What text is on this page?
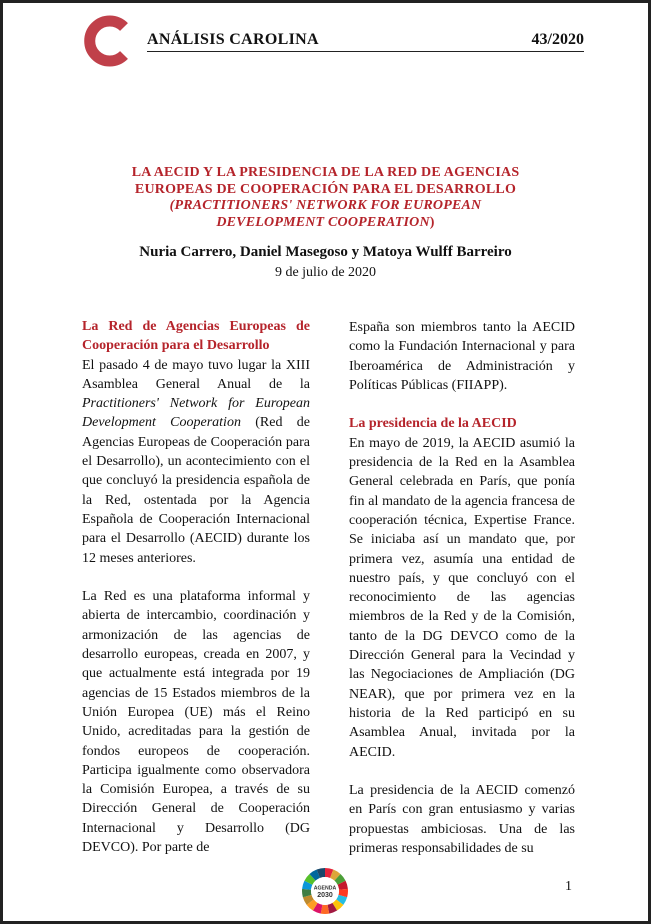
ANÁLISIS CAROLINA	43/2020
LA AECID Y LA PRESIDENCIA DE LA RED DE AGENCIAS
EUROPEAS DE COOPERACIÓN PARA EL DESARROLLO
(PRACTITIONERS' NETWORK FOR EUROPEAN
DEVELOPMENT COOPERATION)
Nuria Carrero, Daniel Masegoso y Matoya Wulff Barreiro
9 de julio de 2020
La Red de Agencias Europeas de Cooperación para el Desarrollo

El pasado 4 de mayo tuvo lugar la XIII Asamblea General Anual de la Practitioners' Network for European Development Cooperation (Red de Agencias Europeas de Cooperación para el Desarrollo), un acontecimiento con el que concluyó la presidencia española de la Red, ostentada por la Agencia Española de Cooperación Internacional para el Desarrollo (AECID) durante los 12 meses anteriores.

La Red es una plataforma informal y abierta de intercambio, coordinación y armonización de las agencias de desarrollo europeas, creada en 2007, y que actualmente está integrada por 19 agencias de 15 Estados miembros de la Unión Europea (UE) más el Reino Unido, acreditadas para la gestión de fondos europeos de cooperación. Participa igualmente como observadora la Comisión Europea, a través de su Dirección General de Cooperación Internacional y Desarrollo (DG DEVCO). Por parte de

España son miembros tanto la AECID como la Fundación Internacional y para Iberoamérica de Administración y Políticas Públicas (FIIAPP).

La presidencia de la AECID

En mayo de 2019, la AECID asumió la presidencia de la Red en la Asamblea General celebrada en París, que ponía fin al mandato de la agencia francesa de cooperación técnica, Expertise France. Se iniciaba así un mandato que, por primera vez, asumía una entidad de nuestro país, y que concluyó con el reconocimiento de las agencias miembros de la Red y de la Comisión, tanto de la DG DEVCO como de la Dirección General para la Vecindad y las Negociaciones de Ampliación (DG NEAR), que por primera vez en la historia de la Red participó en su Asamblea Anual, invitada por la AECID.

La presidencia de la AECID comenzó en París con gran entusiasmo y varias propuestas ambiciosas. Una de las primeras responsabilidades de su

AGENDA
2030
1
